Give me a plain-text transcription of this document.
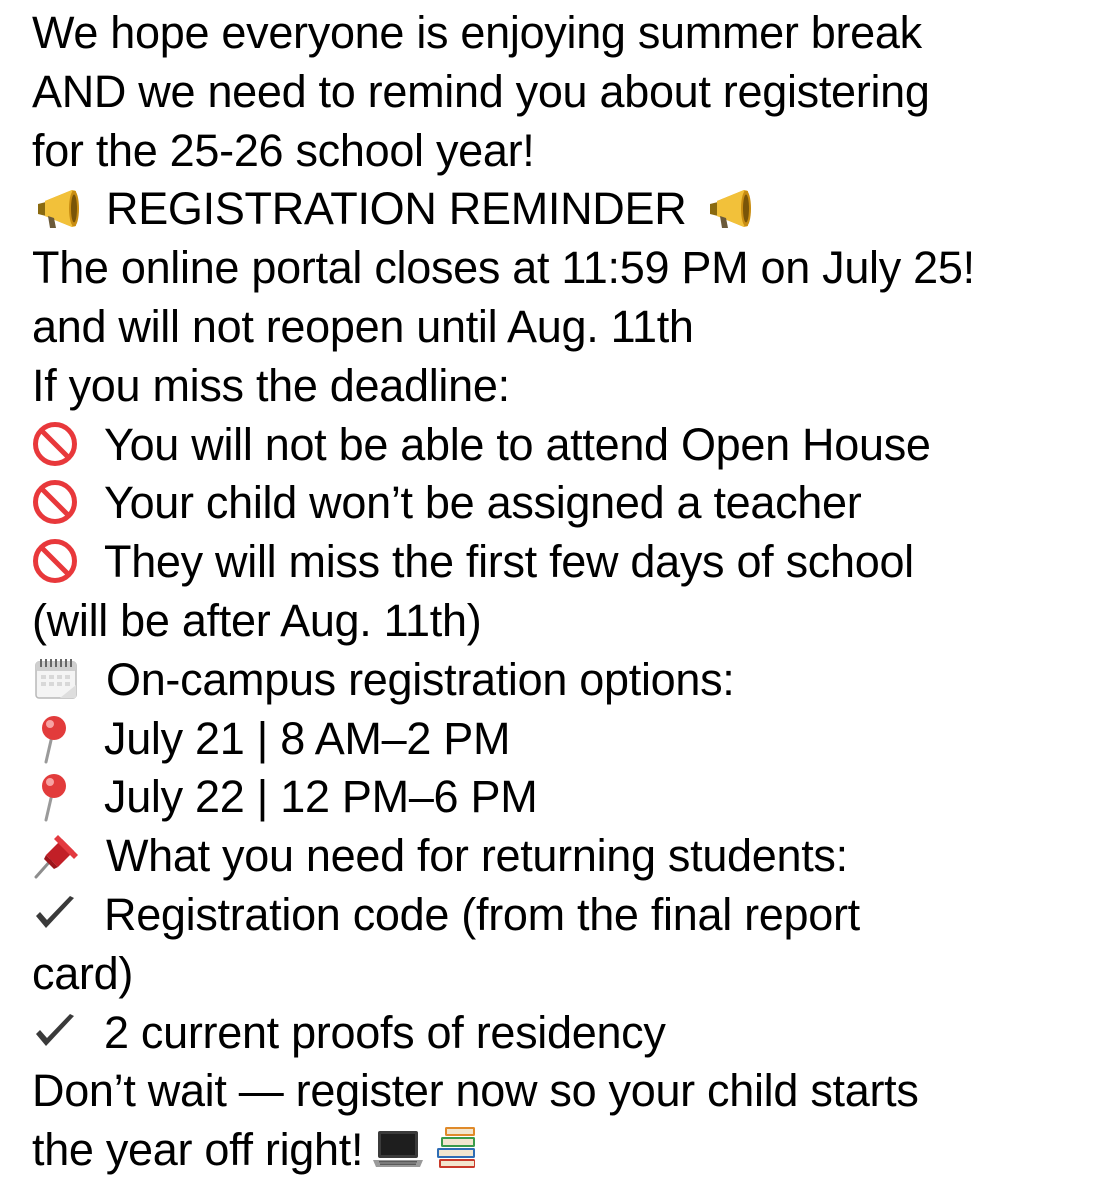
We hope everyone is enjoying summer break
AND we need to remind you about registering
for the 25-26 school year!
REGISTRATION REMINDER
The online portal closes at 11:59 PM on July 25!
and will not reopen until Aug. 11th
If you miss the deadline:
You will not be able to attend Open House
Your child won’t be assigned a teacher
They will miss the first few days of school
(will be after Aug. 11th)
On-campus registration options:
July 21 | 8 AM–2 PM
July 22 | 12 PM–6 PM
What you need for returning students:
Registration code (from the final report
card)
2 current proofs of residency
Don’t wait — register now so your child starts
the year off right!
